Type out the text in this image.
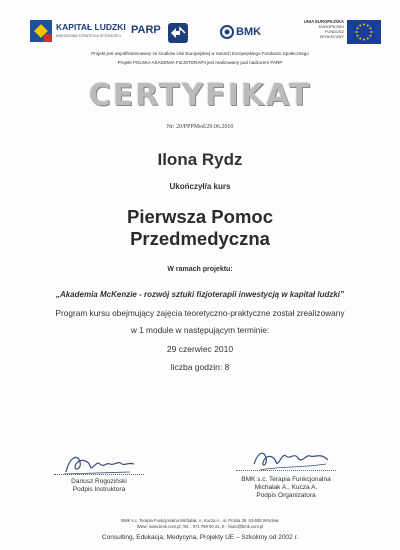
KAPITAŁ LUDZKI
NARODOWA STRATEGIA SPÓJNOŚCI PARP	BMK
UNIA EUROPEJSKA
EUROPEJSKI
FUNDUSZ SPOŁECZNY
Projekt jest współfinansowany ze środków Unii Europejskiej w ramach Europejskiego Funduszu Społecznego
Projekt POLSKA AKADEMIA FIZJOTERAPII jest realizowany pod nadzorem PARP
CERTYFIKAT
Nr: 20/PPPMed/29.06.2010
Ilona Rydz
Ukończył/a kurs
Pierwsza Pomoc
Przedmedyczna
W ramach projektu:
„Akademia McKenzie - rozwój sztuki fizjoterapii inwestycją w kapitał ludzki”
Program kursu obejmujący zajęcia teoretyczno-praktyczne został zrealizowany
w 1 module w następującym terminie:
29 czerwiec 2010
liczba godzin: 8
Dariusz Rogoziński
Podpis Instruktora
BMK s.c. Terapia Funkcjonalna
Michalak A., Kucza A.
Podpis Organizatora
BMK s.c. Terapia Funkcjonalna Michalak. A, Kucza A., ul. Prosta 36, 53-508 Wrocław
Www: www.bmk.com.pl, Tel. : 071 799 00 41, E - biuro@bmk.com.pl
Consulting, Edukacja, Medycyna, Projekty UE – Szkolimy od 2002 r.
